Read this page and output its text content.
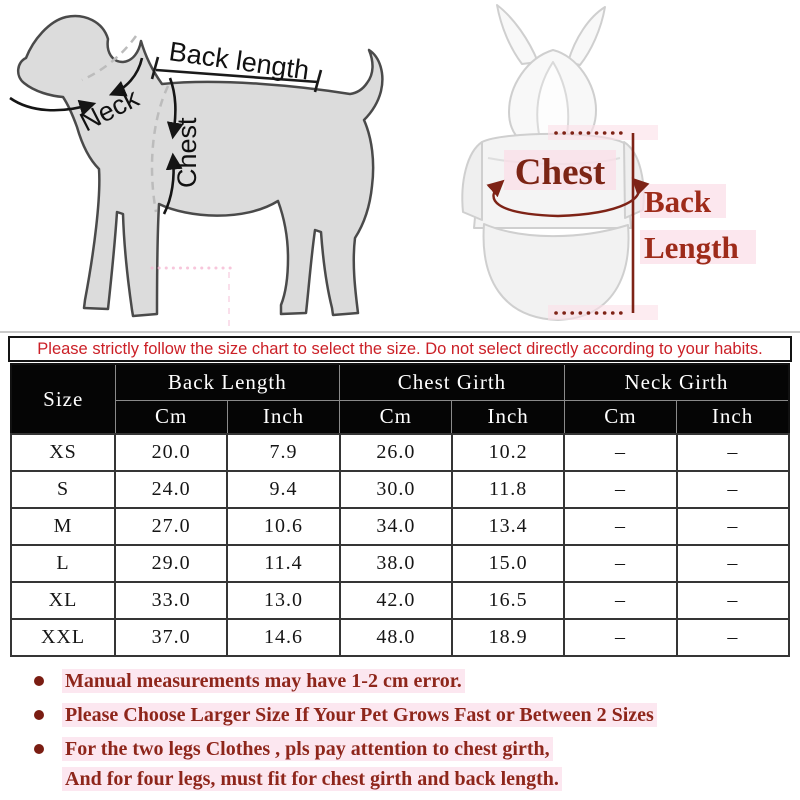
Back length
Neck
Chest	Chest
Back
Length
Please strictly follow the size chart to select the size. Do not select directly according to your habits.
Size	Back Length		Chest Girth		Neck Girth	
	Cm	Inch	Cm	Inch	Cm	Inch
XS	20.0	7.9	26.0	10.2	–	–
S	24.0	9.4	30.0	11.8	–	–
M	27.0	10.6	34.0	13.4	–	–
L	29.0	11.4	38.0	15.0	–	–
XL	33.0	13.0	42.0	16.5	–	–
XXL	37.0	14.6	48.0	18.9	–	–
Manual measurements may have 1-2 cm error.
Please Choose Larger Size If Your Pet Grows Fast or Between 2 Sizes
For the two legs Clothes , pls pay attention to chest girth,
And for four legs, must fit for chest girth and back length.
